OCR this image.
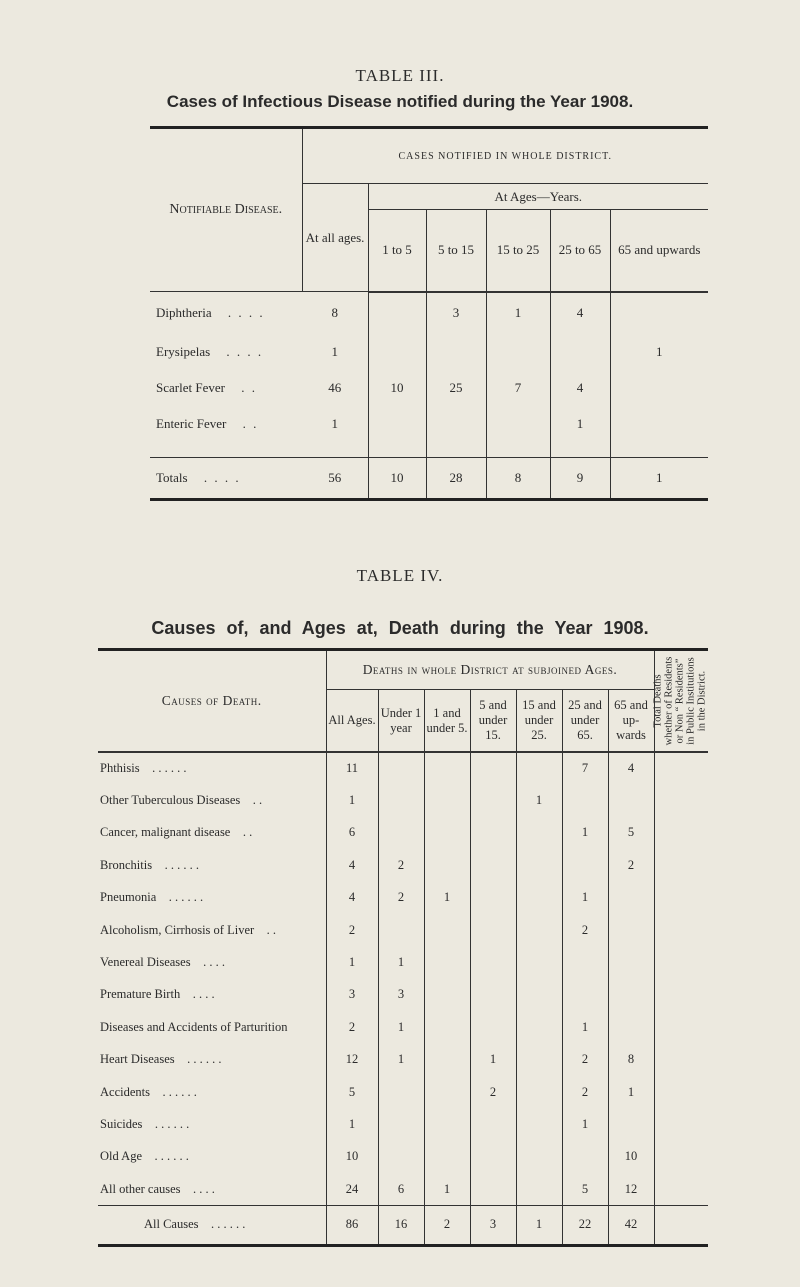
TABLE III.
Cases of Infectious Disease notified during the Year 1908.
Notifiable Disease.	CASES NOTIFIED IN WHOLE DISTRICT.					
	At all ages.	At Ages—Years.				
		1 to 5	5 to 15	15 to 25	25 to 65	65 and upwards
Diphtheria . . . .	8		3	1	4	
Erysipelas . . . .	1					1
Scarlet Fever . .	46	10	25	7	4	
Enteric Fever . .	1				1	

Totals . . . .	56	10	28	8	9	1
TABLE IV.
Causes of, and Ages at, Death during the Year 1908.
Causes of Death.	Deaths in whole District at subjoined Ages.							Total Deaths whether of Residents or Non “ Residents” in Public Institutions in the District.

	All Ages.	Under 1 year	1 and under 5.	5 and under 15.	15 and under 25.	25 and under 65.	65 and up-wards	
Phthisis . . . . . .	11					7	4	
Other Tuberculous Diseases . .	1				1			
Cancer, malignant disease . .	6					1	5	
Bronchitis . . . . . .	4	2					2	
Pneumonia . . . . . .	4	2	1			1		
Alcoholism, Cirrhosis of Liver . .	2					2		
Venereal Diseases . . . .	1	1						
Premature Birth . . . .	3	3						
Diseases and Accidents of Parturition	2	1				1		
Heart Diseases . . . . . .	12	1		1		2	8	
Accidents . . . . . .	5			2		2	1	
Suicides . . . . . .	1					1		
Old Age . . . . . .	10						10	
All other causes . . . .	24	6	1			5	12	
All Causes . . . . . .	86	16	2	3	1	22	42	
